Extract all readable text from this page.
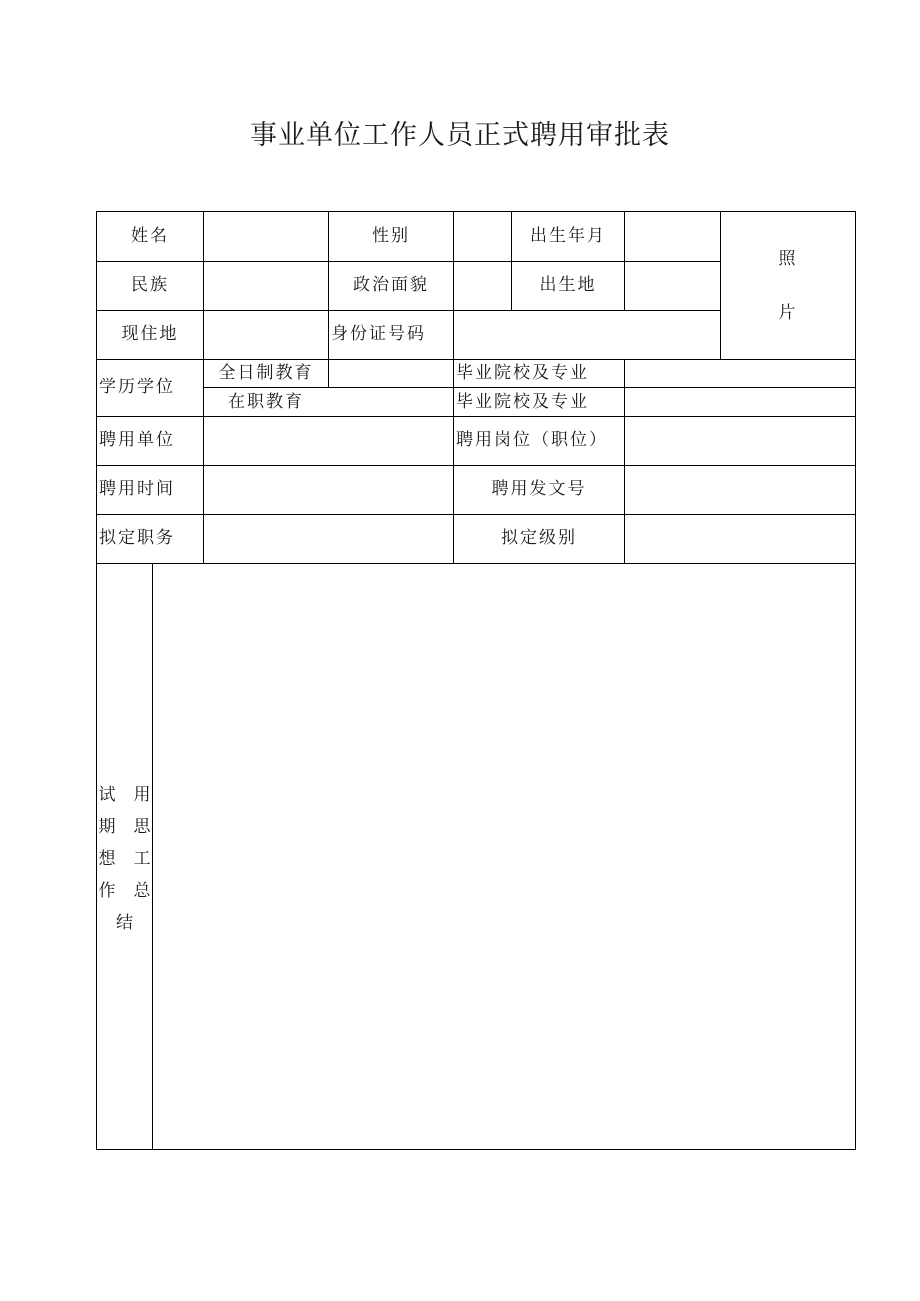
事业单位工作人员正式聘用审批表
姓名	性别	出生年月
照
片
民族	政治面貌	出生地
现住地	身份证号码
学历学位
全日制教育	毕业院校及专业
在职教育	毕业院校及专业
聘用单位	聘用岗位（职位）
聘用时间	聘用发文号
拟定职务	拟定级别
试 用
期 思
想 工
作 总
结
